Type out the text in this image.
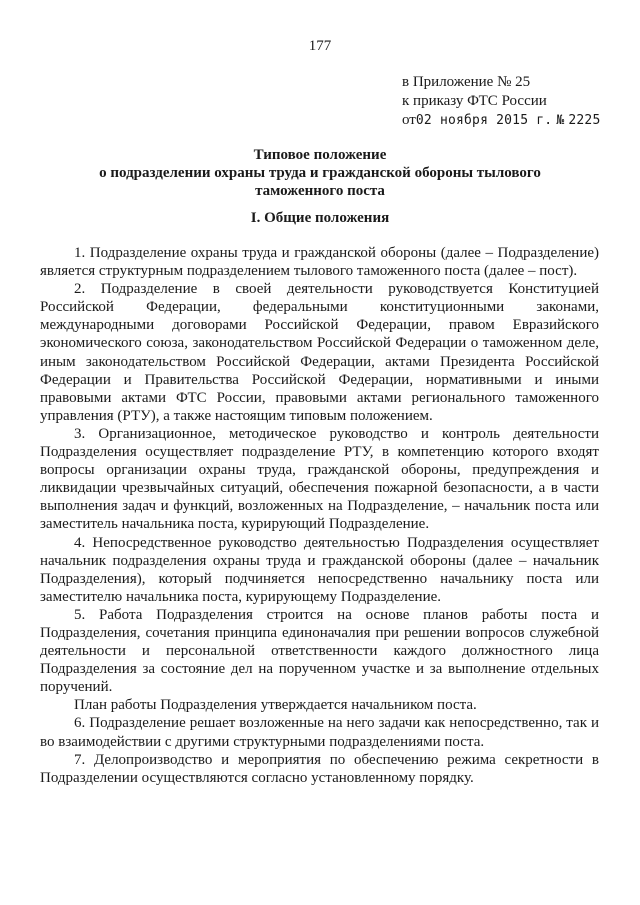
177
в Приложение № 25
к приказу ФТС России
от02 ноября 2015 г. № 2225
Типовое положение
о подразделении охраны труда и гражданской обороны тылового
таможенного поста
I. Общие положения

1. Подразделение охраны труда и гражданской обороны (далее – Подразделение) является структурным подразделением тылового таможенного поста (далее – пост).

2. Подразделение в своей деятельности руководствуется Конституцией Российской Федерации, федеральными конституционными законами, международными договорами Российской Федерации, правом Евразийского экономического союза, законодательством Российской Федерации о таможенном деле, иным законодательством Российской Федерации, актами Президента Российской Федерации и Правительства Российской Федерации, нормативными и иными правовыми актами ФТС России, правовыми актами регионального таможенного управления (РТУ), а также настоящим типовым положением.

3. Организационное, методическое руководство и контроль деятельности Подразделения осуществляет подразделение РТУ, в компетенцию которого входят вопросы организации охраны труда, гражданской обороны, предупреждения и ликвидации чрезвычайных ситуаций, обеспечения пожарной безопасности, а в части выполнения задач и функций, возложенных на Подразделение, – начальник поста или заместитель начальника поста, курирующий Подразделение.

4. Непосредственное руководство деятельностью Подразделения осуществляет начальник подразделения охраны труда и гражданской обороны (далее – начальник Подразделения), который подчиняется непосредственно начальнику поста или заместителю начальника поста, курирующему Подразделение.

5. Работа Подразделения строится на основе планов работы поста и Подразделения, сочетания принципа единоначалия при решении вопросов служебной деятельности и персональной ответственности каждого должностного лица Подразделения за состояние дел на порученном участке и за выполнение отдельных поручений.

План работы Подразделения утверждается начальником поста.

6. Подразделение решает возложенные на него задачи как непосредственно, так и во взаимодействии с другими структурными подразделениями поста.

7. Делопроизводство и мероприятия по обеспечению режима секретности в Подразделении осуществляются согласно установленному порядку.
